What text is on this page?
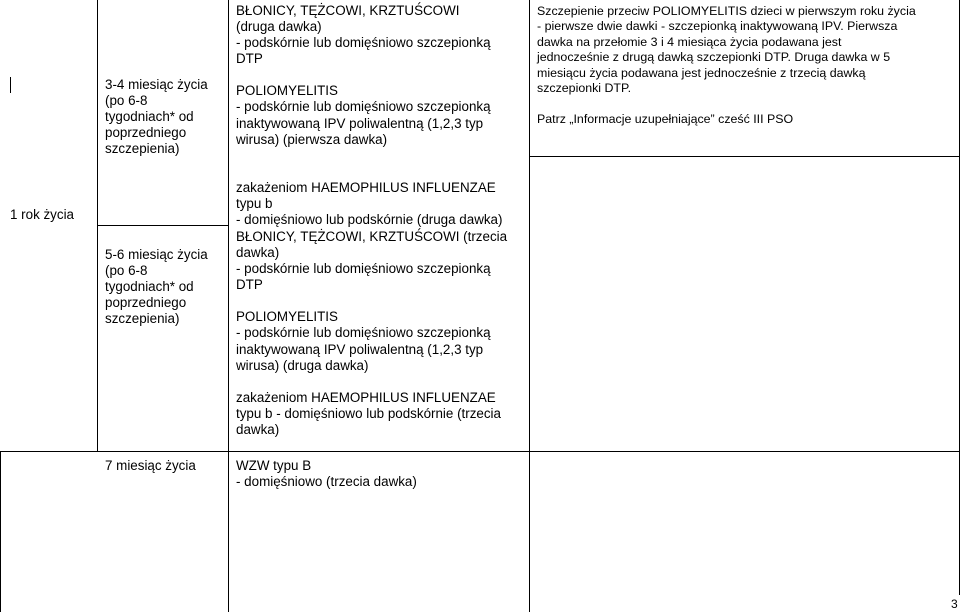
1 rok życia
3-4 miesiąc życia (po 6-8 tygodniach* od poprzedniego szczepienia)
5-6 miesiąc życia (po 6-8 tygodniach* od poprzedniego szczepienia)
7 miesiąc życia

BŁONICY, TĘŻCOWI, KRZTUŚCOWI

(druga dawka)

- podskórnie lub domięśniowo szczepionką

DTP

POLIOMYELITIS

- podskórnie lub domięśniowo szczepionką

inaktywowaną IPV poliwalentną (1,2,3 typ

wirusa) (pierwsza dawka)

zakażeniom HAEMOPHILUS INFLUENZAE

typu b

- domięśniowo lub podskórnie (druga dawka)

BŁONICY, TĘŻCOWI, KRZTUŚCOWI (trzecia

dawka)

- podskórnie lub domięśniowo szczepionką

DTP

POLIOMYELITIS

- podskórnie lub domięśniowo szczepionką

inaktywowaną IPV poliwalentną (1,2,3 typ

wirusa) (druga dawka)

zakażeniom HAEMOPHILUS INFLUENZAE

typu b - domięśniowo lub podskórnie (trzecia

dawka)

WZW typu B

- domięśniowo (trzecia dawka)

Szczepienie przeciw POLIOMYELITIS dzieci w pierwszym roku życia

- pierwsze dwie dawki - szczepionką inaktywowaną IPV. Pierwsza

dawka na przełomie 3 i 4 miesiąca życia podawana jest

jednocześnie z drugą dawką szczepionki DTP. Druga dawka w 5

miesiącu życia podawana jest jednocześnie z trzecią dawką

szczepionki DTP.

Patrz „Informacje uzupełniające” cześć III PSO

3
